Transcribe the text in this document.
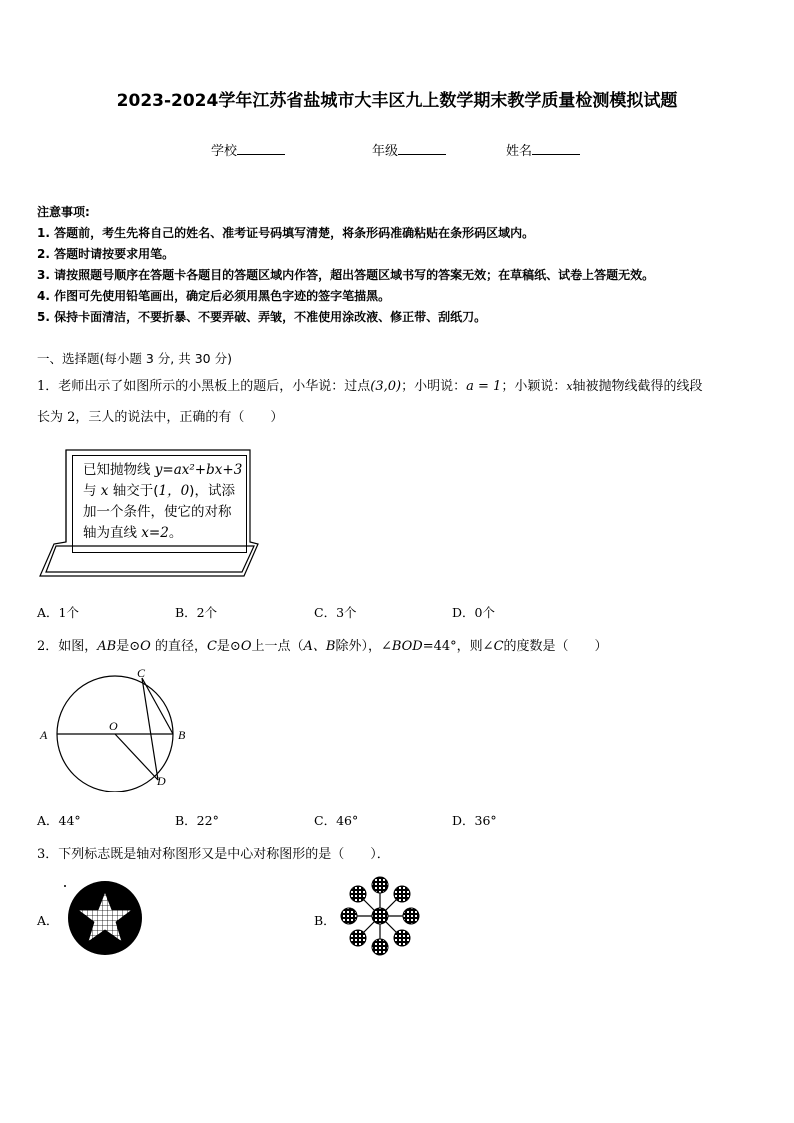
2023-2024学年江苏省盐城市大丰区九上数学期末教学质量检测模拟试题
学校	年级	姓名
注意事项:
1. 答题前，考生先将自己的姓名、准考证号码填写清楚，将条形码准确粘贴在条形码区域内。
2. 答题时请按要求用笔。
3. 请按照题号顺序在答题卡各题目的答题区域内作答，超出答题区域书写的答案无效；在草稿纸、试卷上答题无效。
4. 作图可先使用铅笔画出，确定后必须用黑色字迹的签字笔描黑。
5. 保持卡面清洁，不要折暴、不要弄破、弄皱，不准使用涂改液、修正带、刮纸刀。
一、选择题(每小题 3 分, 共 30 分)
1．老师出示了如图所示的小黑板上的题后，小华说：过点(3,0)；小明说：a = 1；小颖说：x轴被抛物线截得的线段
长为 2，三人的说法中，正确的有（　　）
已知抛物线 y=ax²+bx+3
与 x 轴交于(1，0)，试添
加一个条件，使它的对称
轴为直线 x=2。
A．1个	B．2个	C．3个	D．0个
2．如图，AB是⊙O 的直径，C是⊙O上一点（A、B除外），∠BOD=44°，则∠C的度数是（　　）
A	B
C
D
O
A．44°	B．22°	C．46°	D．36°
3．下列标志既是轴对称图形又是中心对称图形的是（　　）．
A．	B．
